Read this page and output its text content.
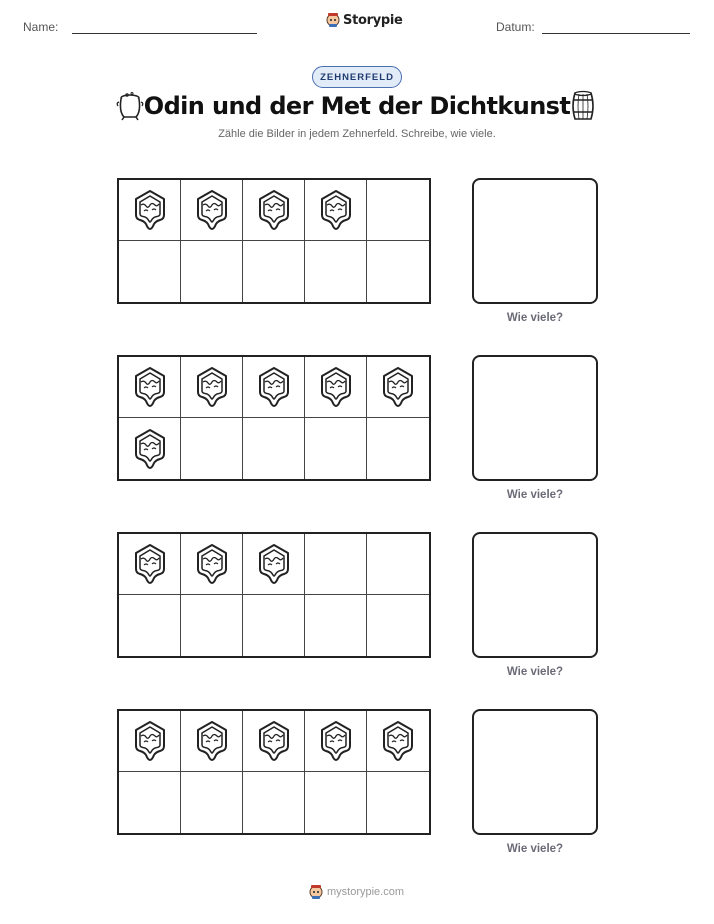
Name:	Storypie	Datum:
ZEHNERFELD
Odin und der Met der Dichtkunst
Zähle die Bilder in jedem Zehnerfeld. Schreibe, wie viele.
Wie viele?
Wie viele?
Wie viele?
Wie viele?
mystorypie.com
